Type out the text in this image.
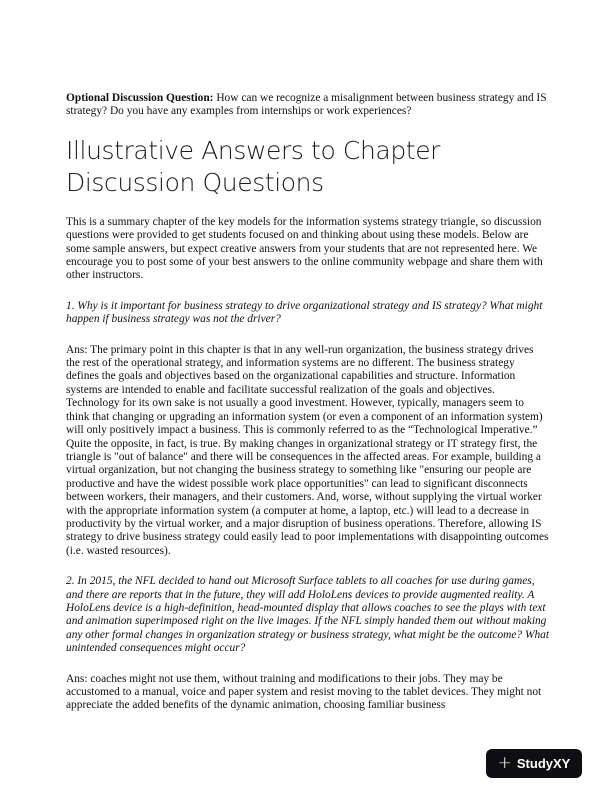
Optional Discussion Question: How can we recognize a misalignment between business strategy and IS strategy? Do you have any examples from internships or work experiences?

Illustrative Answers to Chapter Discussion Questions

This is a summary chapter of the key models for the information systems strategy triangle, so discussion questions were provided to get students focused on and thinking about using these models. Below are some sample answers, but expect creative answers from your students that are not represented here. We encourage you to post some of your best answers to the online community webpage and share them with other instructors.

1. Why is it important for business strategy to drive organizational strategy and IS strategy? What might happen if business strategy was not the driver?

Ans: The primary point in this chapter is that in any well-run organization, the business strategy drives the rest of the operational strategy, and information systems are no different. The business strategy defines the goals and objectives based on the organizational capabilities and structure. Information systems are intended to enable and facilitate successful realization of the goals and objectives. Technology for its own sake is not usually a good investment. However, typically, managers seem to think that changing or upgrading an information system (or even a component of an information system) will only positively impact a business. This is commonly referred to as the “Technological Imperative.” Quite the opposite, in fact, is true. By making changes in organizational strategy or IT strategy first, the triangle is "out of balance" and there will be consequences in the affected areas. For example, building a virtual organization, but not changing the business strategy to something like "ensuring our people are productive and have the widest possible work place opportunities" can lead to significant disconnects between workers, their managers, and their customers. And, worse, without supplying the virtual worker with the appropriate information system (a computer at home, a laptop, etc.) will lead to a decrease in productivity by the virtual worker, and a major disruption of business operations. Therefore, allowing IS strategy to drive business strategy could easily lead to poor implementations with disappointing outcomes (i.e. wasted resources).

2. In 2015, the NFL decided to hand out Microsoft Surface tablets to all coaches for use during games, and there are reports that in the future, they will add HoloLens devices to provide augmented reality. A HoloLens device is a high-definition, head-mounted display that allows coaches to see the plays with text and animation superimposed right on the live images. If the NFL simply handed them out without making any other formal changes in organization strategy or business strategy, what might be the outcome? What unintended consequences might occur?

Ans: coaches might not use them, without training and modifications to their jobs. They may be accustomed to a manual, voice and paper system and resist moving to the tablet devices. They might not appreciate the added benefits of the dynamic animation, choosing familiar business

+ StudyXY
